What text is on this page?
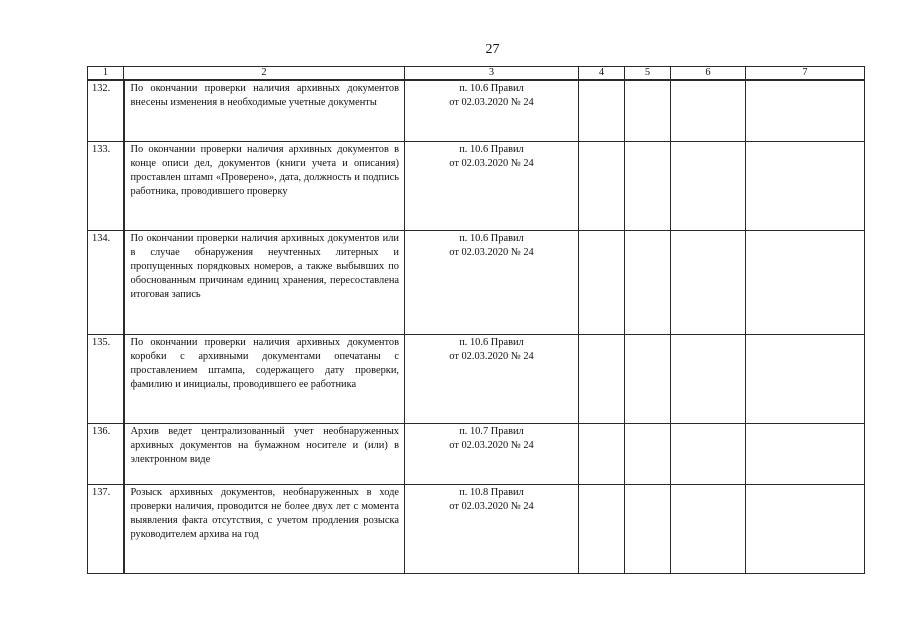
27
1	2	3	4	5	6	7
132.	По окончании проверки наличия архивных документов внесены изменения в необходимые учетные документы	п. 10.6 Правил
от 02.03.2020 № 24				

133.	По окончании проверки наличия архивных документов в конце описи дел, документов (книги учета и описания) проставлен штамп «Проверено», дата, должность и подпись работника, проводившего проверку	п. 10.6 Правил
от 02.03.2020 № 24				

134.	По окончании проверки наличия архивных документов или в случае обнаружения неучтенных литерных и пропущенных порядковых номеров, а также выбывших по обоснованным причинам единиц хранения, пересоставлена итоговая запись	п. 10.6 Правил
от 02.03.2020 № 24				

135.	По окончании проверки наличия архивных документов коробки с архивными документами опечатаны с проставлением штампа, содержащего дату проверки, фамилию и инициалы, проводившего ее работника	п. 10.6 Правил
от 02.03.2020 № 24				

136.	Архив ведет централизованный учет необнаруженных архивных документов на бумажном носителе и (или) в электронном виде	п. 10.7 Правил
от 02.03.2020 № 24				

137.	Розыск архивных документов, необнаруженных в ходе проверки наличия, проводится не более двух лет с момента выявления факта отсутствия, с учетом продления розыска руководителем архива на год	п. 10.8 Правил
от 02.03.2020 № 24				
